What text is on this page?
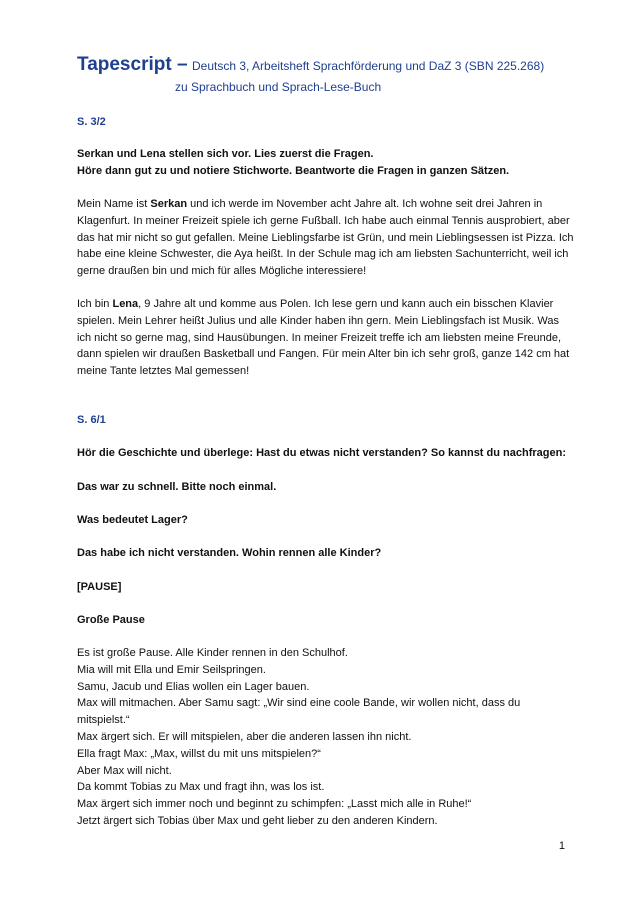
Tapescript – Deutsch 3, Arbeitsheft Sprachförderung und DaZ 3 (SBN 225.268)
zu Sprachbuch und Sprach-Lese-Buch
S. 3/2

Serkan und Lena stellen sich vor. Lies zuerst die Fragen.

Höre dann gut zu und notiere Stichworte. Beantworte die Fragen in ganzen Sätzen.

Mein Name ist Serkan und ich werde im November acht Jahre alt. Ich wohne seit drei Jahren in

Klagenfurt. In meiner Freizeit spiele ich gerne Fußball. Ich habe auch einmal Tennis ausprobiert, aber

das hat mir nicht so gut gefallen. Meine Lieblingsfarbe ist Grün, und mein Lieblingsessen ist Pizza. Ich

habe eine kleine Schwester, die Aya heißt. In der Schule mag ich am liebsten Sachunterricht, weil ich

gerne draußen bin und mich für alles Mögliche interessiere!

Ich bin Lena, 9 Jahre alt und komme aus Polen. Ich lese gern und kann auch ein bisschen Klavier

spielen. Mein Lehrer heißt Julius und alle Kinder haben ihn gern. Mein Lieblingsfach ist Musik. Was

ich nicht so gerne mag, sind Hausübungen. In meiner Freizeit treffe ich am liebsten meine Freunde,

dann spielen wir draußen Basketball und Fangen. Für mein Alter bin ich sehr groß, ganze 142 cm hat

meine Tante letztes Mal gemessen!

S. 6/1
Hör die Geschichte und überlege: Hast du etwas nicht verstanden? So kannst du nachfragen:
Das war zu schnell. Bitte noch einmal.
Was bedeutet Lager?
Das habe ich nicht verstanden. Wohin rennen alle Kinder?
[PAUSE]
Große Pause

Es ist große Pause. Alle Kinder rennen in den Schulhof.

Mia will mit Ella und Emir Seilspringen.

Samu, Jacub und Elias wollen ein Lager bauen.

Max will mitmachen. Aber Samu sagt: „Wir sind eine coole Bande, wir wollen nicht, dass du

mitspielst.“

Max ärgert sich. Er will mitspielen, aber die anderen lassen ihn nicht.

Ella fragt Max: „Max, willst du mit uns mitspielen?“

Aber Max will nicht.

Da kommt Tobias zu Max und fragt ihn, was los ist.

Max ärgert sich immer noch und beginnt zu schimpfen: „Lasst mich alle in Ruhe!“

Jetzt ärgert sich Tobias über Max und geht lieber zu den anderen Kindern.

1
